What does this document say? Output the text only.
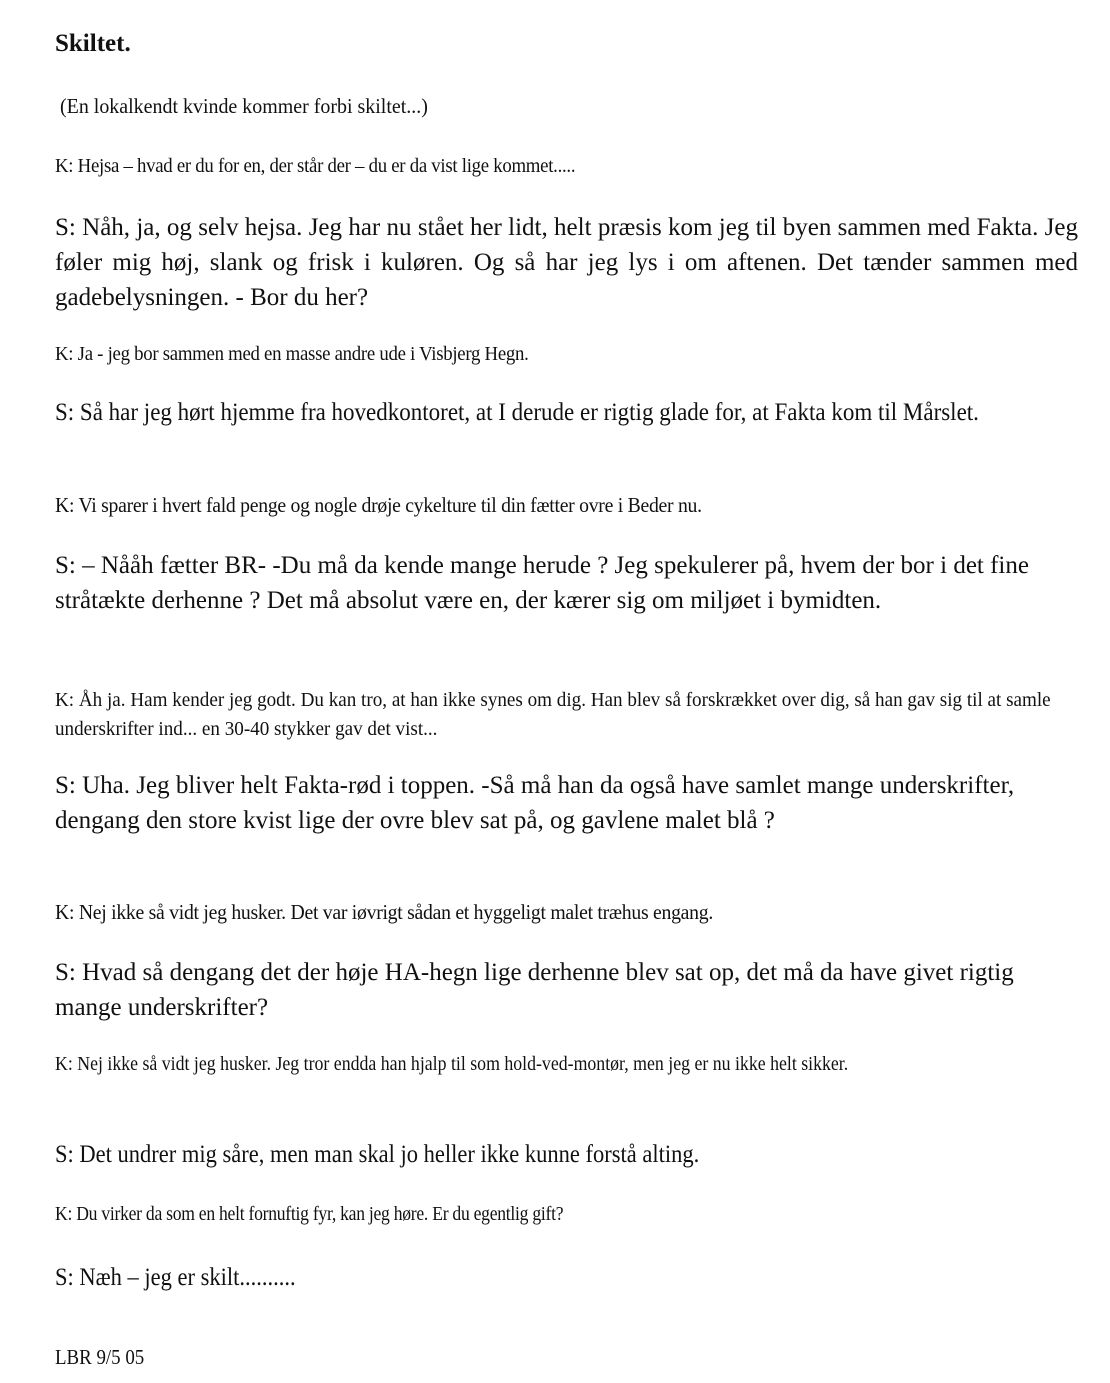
Skiltet.

(En lokalkendt kvinde kommer forbi skiltet...)

K: Hejsa – hvad er du for en, der står der – du er da vist lige kommet.....

S: Nåh, ja, og selv hejsa. Jeg har nu stået her lidt, helt præsis kom jeg til byen sammen med Fakta. Jeg føler mig høj, slank og frisk i kuløren. Og så har jeg lys i om aftenen. Det tænder sammen med gadebelysningen. - Bor du her?

K: Ja - jeg bor sammen med en masse andre ude i Visbjerg Hegn.

S: Så har jeg hørt hjemme fra hovedkontoret, at I derude er rigtig glade for, at Fakta kom til Mårslet.

K: Vi sparer i hvert fald penge og nogle drøje cykelture til din fætter ovre i Beder nu.

S: – Nååh fætter BR- -Du må da kende mange herude ? Jeg spekulerer på, hvem der bor i det fine stråtækte derhenne ? Det må absolut være en, der kærer sig om miljøet i bymidten.

K: Åh ja. Ham kender jeg godt. Du kan tro, at han ikke synes om dig. Han blev så forskrækket over dig, så han gav sig til at samle underskrifter ind... en 30-40 stykker gav det vist...

S: Uha. Jeg bliver helt Fakta-rød i toppen. -Så må han da også have samlet mange underskrifter, dengang den store kvist lige der ovre blev sat på, og gavlene malet blå ?

K: Nej ikke så vidt jeg husker. Det var iøvrigt sådan et hyggeligt malet træhus engang.

S: Hvad så dengang det der høje HA-hegn lige derhenne blev sat op, det må da have givet rigtig mange underskrifter?

K: Nej ikke så vidt jeg husker. Jeg tror endda han hjalp til som hold-ved-montør, men jeg er nu ikke helt sikker.

S: Det undrer mig såre, men man skal jo heller ikke kunne forstå alting.

K: Du virker da som en helt fornuftig fyr, kan jeg høre. Er du egentlig gift?

S: Næh – jeg er skilt..........

LBR 9/5 05
